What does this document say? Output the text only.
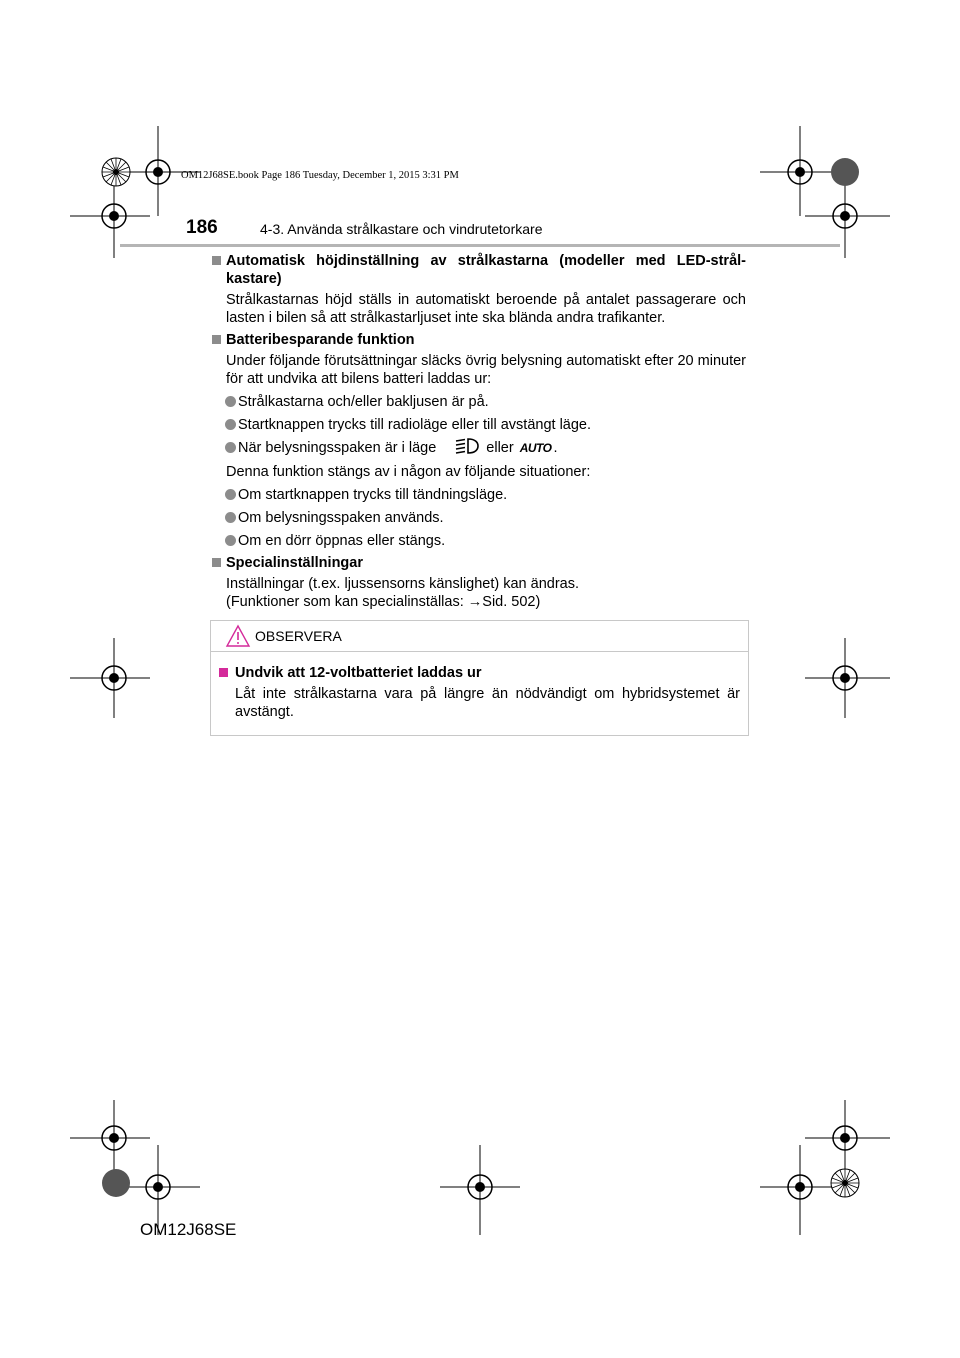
OM12J68SE.book Page 186 Tuesday, December 1, 2015 3:31 PM
186	4-3. Använda strålkastare och vindrutetorkare

Automatisk höjdinställning av strålkastarna (modeller med LED-strål-kastare)

Strålkastarnas höjd ställs in automatiskt beroende på antalet passagerare och lasten i bilen så att strålkastarljuset inte ska blända andra trafikanter.

Batteribesparande funktion

Under följande förutsättningar släcks övrig belysning automatiskt efter 20 minuter för att undvika att bilens batteri laddas ur:

Strålkastarna och/eller bakljusen är på.

Startknappen trycks till radioläge eller till avstängt läge.

När belysningsspaken är i läge	eller AUTO .

Denna funktion stängs av i någon av följande situationer:

Om startknappen trycks till tändningsläge.

Om belysningsspaken används.

Om en dörr öppnas eller stängs.

Specialinställningar

Inställningar (t.ex. ljussensorns känslighet) kan ändras.

(Funktioner som kan specialinställas: →Sid. 502)

OBSERVERA

Undvik att 12-voltbatteriet laddas ur

Låt inte strålkastarna vara på längre än nödvändigt om hybridsystemet är avstängt.

OM12J68SE
